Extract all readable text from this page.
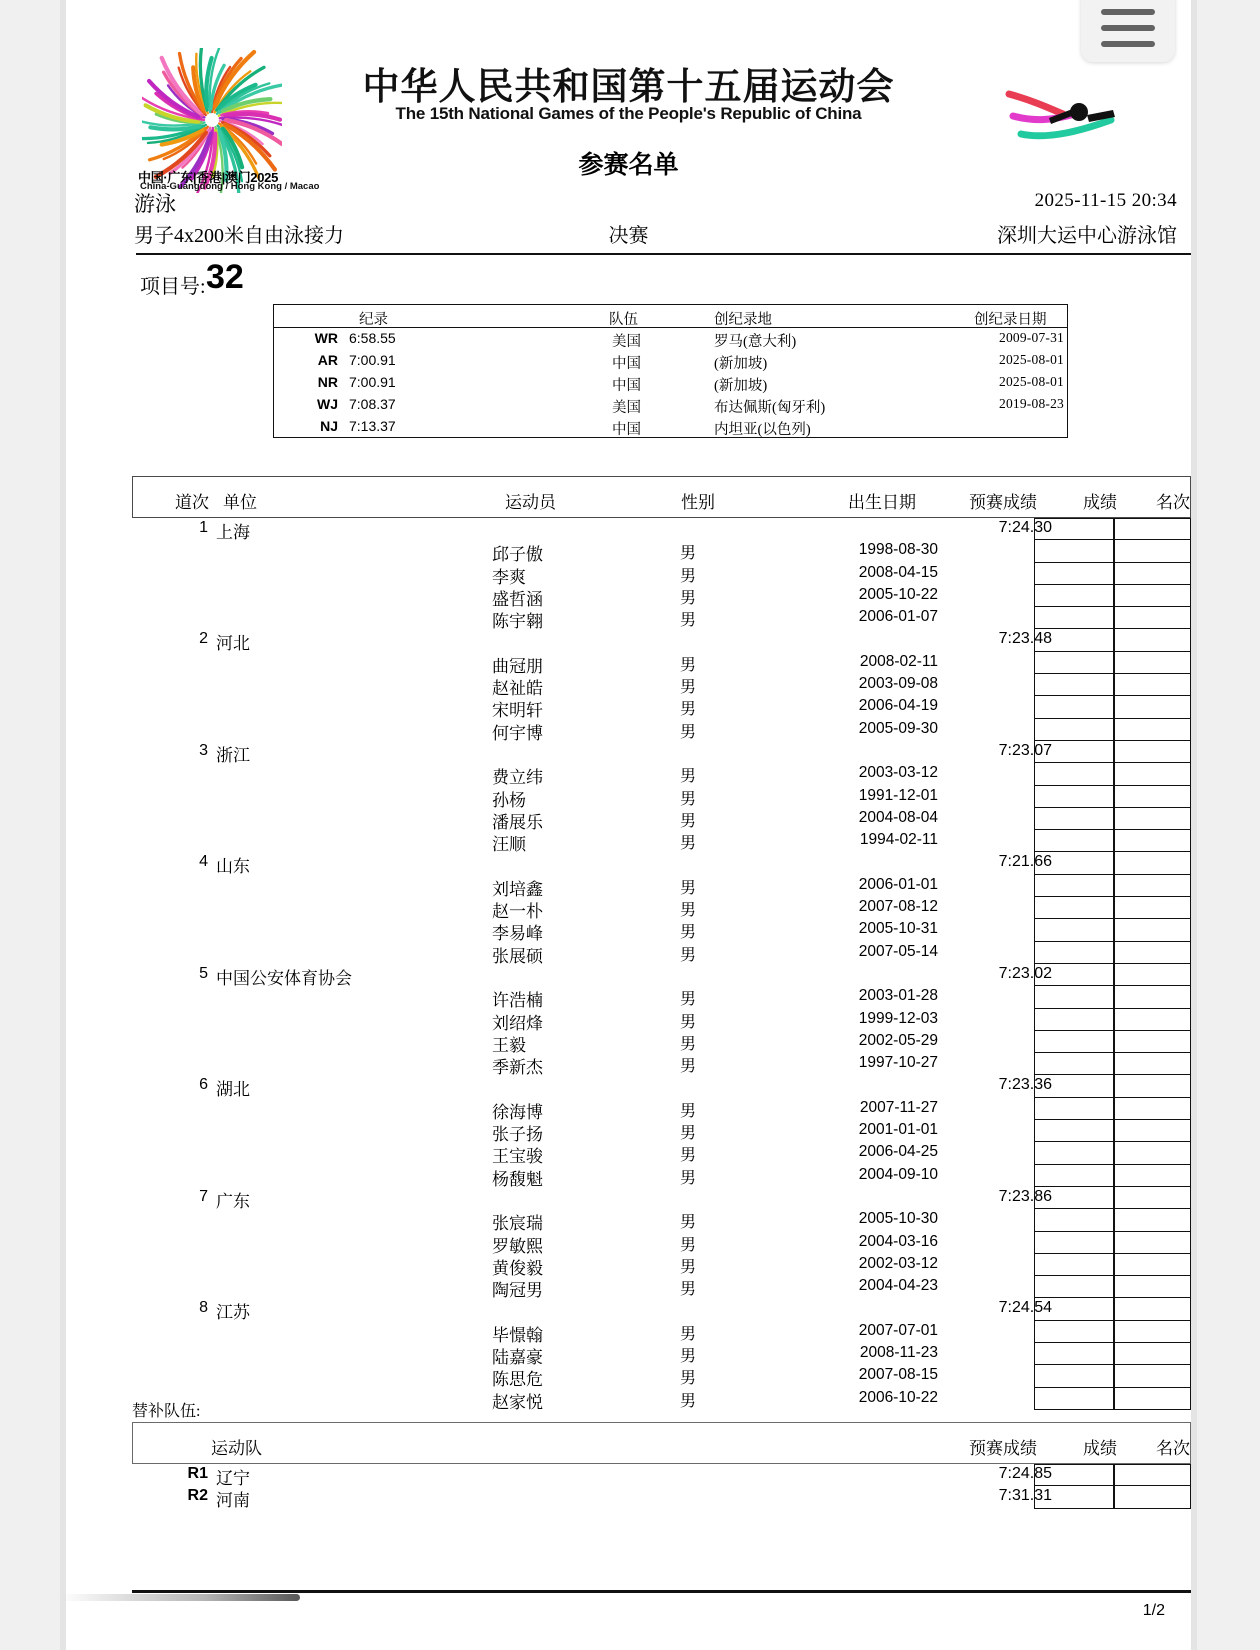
中国·广东|香港|澳门2025
China-Guangdong / Hong Kong / Macao
中华人民共和国第十五届运动会
The 15th National Games of the People's Republic of China
参赛名单
游泳	2025-11-15 20:34
男子4x200米自由泳接力	决赛	深圳大运中心游泳馆
项目号: 32
纪录	队伍	创纪录地	创纪录日期
WR 6:58.55	美国	罗马(意大利)	2009-07-31
AR 7:00.91	中国	(新加坡)	2025-08-01
NR 7:00.91	中国	(新加坡)	2025-08-01
WJ 7:08.37	美国	布达佩斯(匈牙利)	2019-08-23
NJ 7:13.37	中国	内坦亚(以色列)
道次 单位	运动员	性别	出生日期	预赛成绩	成绩 名次
1 上海	7:24.30
邱子傲	男	1998-08-30
李爽	男	2008-04-15
盛哲涵	男	2005-10-22
陈宇翱	男	2006-01-07
2 河北	7:23.48
曲冠朋	男	2008-02-11
赵祉皓	男	2003-09-08
宋明轩	男	2006-04-19
何宇博	男	2005-09-30
3 浙江	7:23.07
费立纬	男	2003-03-12
孙杨	男	1991-12-01
潘展乐	男	2004-08-04
汪顺	男	1994-02-11
4 山东	7:21.66
刘培鑫	男	2006-01-01
赵一朴	男	2007-08-12
李易峰	男	2005-10-31
张展硕	男	2007-05-14
5 中国公安体育协会	7:23.02
许浩楠	男	2003-01-28
刘绍烽	男	1999-12-03
王毅	男	2002-05-29
季新杰	男	1997-10-27
6 湖北	7:23.36
徐海博	男	2007-11-27
张子扬	男	2001-01-01
王宝骏	男	2006-04-25
杨馥魁	男	2004-09-10
7 广东	7:23.86
张宸瑞	男	2005-10-30
罗敏熙	男	2004-03-16
黄俊毅	男	2002-03-12
陶冠男	男	2004-04-23
8 江苏	7:24.54
毕憬翰	男	2007-07-01
陆嘉豪	男	2008-11-23
陈思危	男	2007-08-15
赵家悦	男	2006-10-22
替补队伍:
运动队	预赛成绩	成绩 名次
R1 辽宁	7:24.85
R2 河南	7:31.31
1/2
